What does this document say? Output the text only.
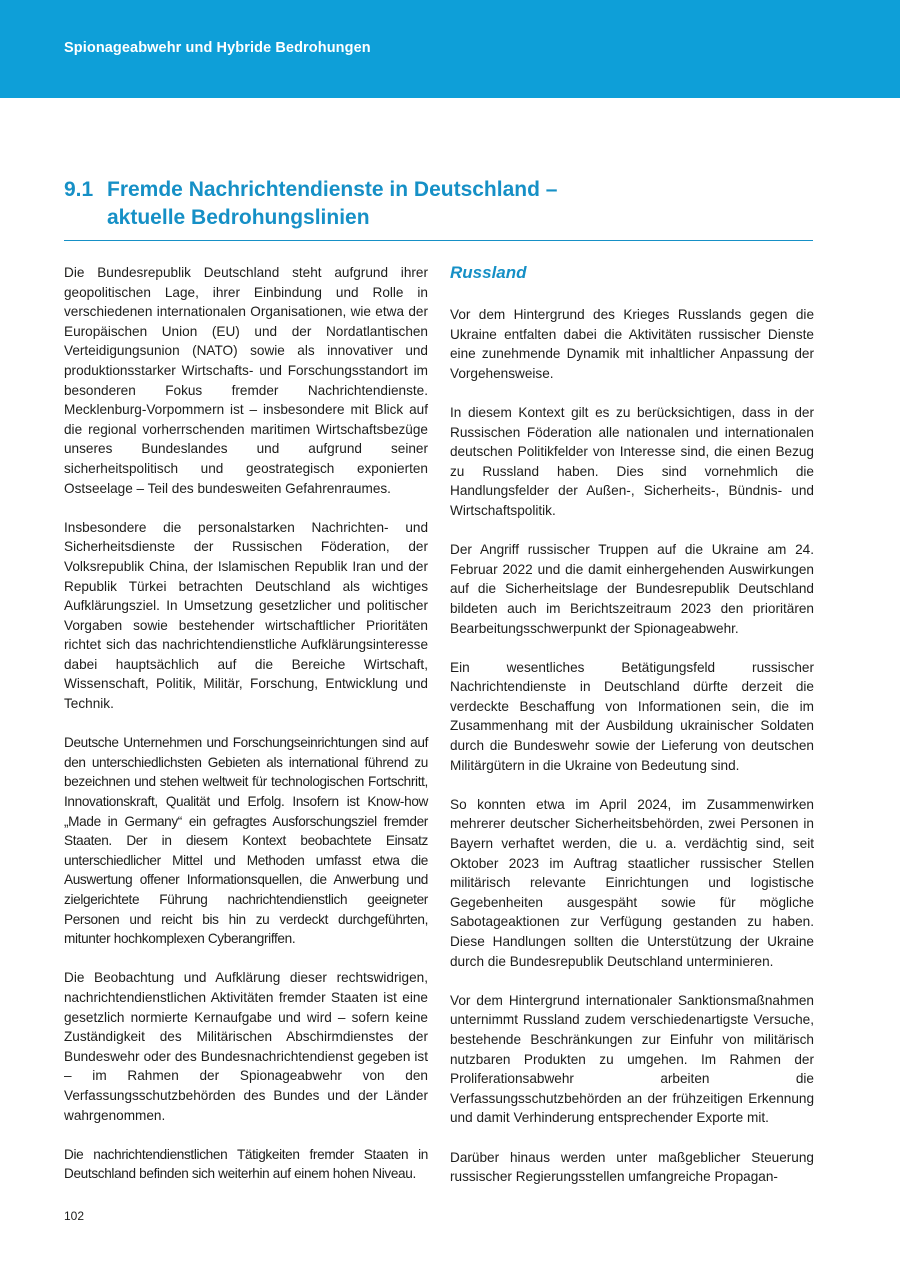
Spionageabwehr und Hybride Bedrohungen
9.1 Fremde Nachrichtendienste in Deutschland –
aktuelle Bedrohungslinien

Die Bundesrepublik Deutschland steht aufgrund ihrer geopolitischen Lage, ihrer Einbindung und Rolle in verschiedenen internationalen Organisationen, wie etwa der Europäischen Union (EU) und der Nordatlantischen Verteidigungsunion (NATO) sowie als innovativer und produktionsstarker Wirtschafts- und Forschungsstandort im besonderen Fokus fremder Nachrichtendienste. Mecklenburg-Vorpommern ist – insbesondere mit Blick auf die regional vorherrschenden maritimen Wirtschaftsbezüge unseres Bundeslandes und aufgrund seiner sicherheitspolitisch und geostrategisch exponierten Ostseelage – Teil des bundesweiten Gefahrenraumes.

Insbesondere die personalstarken Nachrichten- und Sicherheitsdienste der Russischen Föderation, der Volksrepublik China, der Islamischen Republik Iran und der Republik Türkei betrachten Deutschland als wichtiges Aufklärungsziel. In Umsetzung gesetzlicher und politischer Vorgaben sowie bestehender wirtschaftlicher Prioritäten richtet sich das nachrichtendienstliche Aufklärungsinteresse dabei hauptsächlich auf die Bereiche Wirtschaft, Wissenschaft, Politik, Militär, Forschung, Entwicklung und Technik.

Deutsche Unternehmen und Forschungseinrichtungen sind auf den unterschiedlichsten Gebieten als international führend zu bezeichnen und stehen weltweit für technologischen Fortschritt, Innovationskraft, Qualität und Erfolg. Insofern ist Know-how „Made in Germany“ ein gefragtes Ausforschungsziel fremder Staaten. Der in diesem Kontext beobachtete Einsatz unterschiedlicher Mittel und Methoden umfasst etwa die Auswertung offener Informationsquellen, die Anwerbung und zielgerichtete Führung nachrichtendienstlich geeigneter Personen und reicht bis hin zu verdeckt durchgeführten, mitunter hochkomplexen Cyberangriffen.

Die Beobachtung und Aufklärung dieser rechtswidrigen, nachrichtendienstlichen Aktivitäten fremder Staaten ist eine gesetzlich normierte Kernaufgabe und wird – sofern keine Zuständigkeit des Militärischen Abschirmdienstes der Bundeswehr oder des Bundesnachrichtendienst gegeben ist – im Rahmen der Spionageabwehr von den Verfassungsschutzbehörden des Bundes und der Länder wahrgenommen.

Die nachrichtendienstlichen Tätigkeiten fremder Staaten in Deutschland befinden sich weiterhin auf einem hohen Niveau.

Russland

Vor dem Hintergrund des Krieges Russlands gegen die Ukraine entfalten dabei die Aktivitäten russischer Dienste eine zunehmende Dynamik mit inhaltlicher Anpassung der Vorgehensweise.

In diesem Kontext gilt es zu berücksichtigen, dass in der Russischen Föderation alle nationalen und internationalen deutschen Politikfelder von Interesse sind, die einen Bezug zu Russland haben. Dies sind vornehmlich die Handlungsfelder der Außen-, Sicherheits-, Bündnis- und Wirtschaftspolitik.

Der Angriff russischer Truppen auf die Ukraine am 24. Februar 2022 und die damit einhergehenden Auswirkungen auf die Sicherheitslage der Bundesrepublik Deutschland bildeten auch im Berichtszeitraum 2023 den prioritären Bearbeitungsschwerpunkt der Spionageabwehr.

Ein wesentliches Betätigungsfeld russischer Nachrichtendienste in Deutschland dürfte derzeit die verdeckte Beschaffung von Informationen sein, die im Zusammenhang mit der Ausbildung ukrainischer Soldaten durch die Bundeswehr sowie der Lieferung von deutschen Militärgütern in die Ukraine von Bedeutung sind.

So konnten etwa im April 2024, im Zusammenwirken mehrerer deutscher Sicherheitsbehörden, zwei Personen in Bayern verhaftet werden, die u. a. verdächtig sind, seit Oktober 2023 im Auftrag staatlicher russischer Stellen militärisch relevante Einrichtungen und logistische Gegebenheiten ausgespäht sowie für mögliche Sabotageaktionen zur Verfügung gestanden zu haben. Diese Handlungen sollten die Unterstützung der Ukraine durch die Bundesrepublik Deutschland unterminieren.

Vor dem Hintergrund internationaler Sanktionsmaßnahmen unternimmt Russland zudem verschiedenartigste Versuche, bestehende Beschränkungen zur Einfuhr von militärisch nutzbaren Produkten zu umgehen. Im Rahmen der Proliferationsabwehr arbeiten die Verfassungsschutzbehörden an der frühzeitigen Erkennung und damit Verhinderung entsprechender Exporte mit.

Darüber hinaus werden unter maßgeblicher Steuerung russischer Regierungsstellen umfangreiche Propagan-

102
